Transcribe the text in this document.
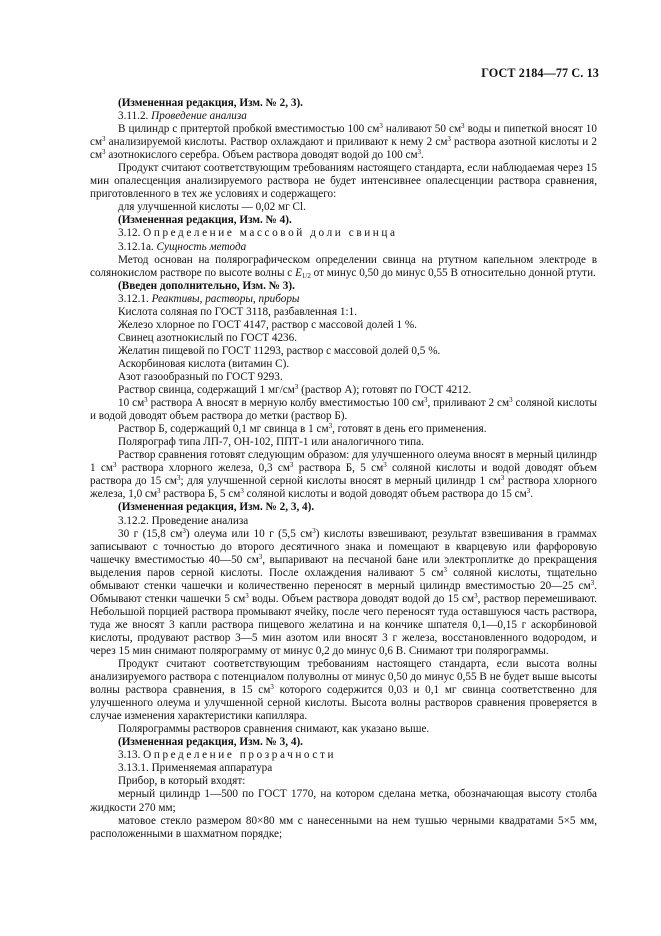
ГОСТ 2184—77 С. 13

(Измененная редакция, Изм. № 2, 3).

3.11.2. Проведение анализа

В цилиндр с притертой пробкой вместимостью 100 $см^3$ наливают 50 $см^3$ воды и пипеткой вносят 10 $см^3$ анализируемой кислоты. Раствор охлаждают и приливают к нему 2 $см^3$ раствора азотной кислоты и 2 $см^3$ азотнокислого серебра. Объем раствора доводят водой до 100 $см^3$.

Продукт считают соответствующим требованиям настоящего стандарта, если наблюдаемая через 15 мин опалесценция анализируемого раствора не будет интенсивнее опалесценции раствора сравнения, приготовленного в тех же условиях и содержащего:

для улучшенной кислоты — 0,02 мг Cl.

(Измененная редакция, Изм. № 4).

3.12. Определение массовой доли свинца

3.12.1а. Сущность метода

Метод основан на полярографическом определении свинца на ртутном капельном электроде в солянокислом растворе по высоте волны с $E_{1/2}$ от минус 0,50 до минус 0,55 В относительно донной ртути.

(Введен дополнительно, Изм. № 3).

3.12.1. Реактивы, растворы, приборы

Кислота соляная по ГОСТ 3118, разбавленная 1:1.

Железо хлорное по ГОСТ 4147, раствор с массовой долей 1 %.

Свинец азотнокислый по ГОСТ 4236.

Желатин пищевой по ГОСТ 11293, раствор с массовой долей 0,5 %.

Аскорбиновая кислота (витамин С).

Азот газообразный по ГОСТ 9293.

Раствор свинца, содержащий 1 $мг/см^3$ (раствор А); готовят по ГОСТ 4212.

10 $см^3$ раствора А вносят в мерную колбу вместимостью 100 $см^3$, приливают 2 $см^3$ соляной кислоты и водой доводят объем раствора до метки (раствор Б).

Раствор Б, содержащий 0,1 мг свинца в 1 $см^3$, готовят в день его применения.

Полярограф типа ЛП-7, ОН-102, ППТ-1 или аналогичного типа.

Раствор сравнения готовят следующим образом: для улучшенного олеума вносят в мерный цилиндр 1 $см^3$ раствора хлорного железа, 0,3 $см^3$ раствора Б, 5 $см^3$ соляной кислоты и водой доводят объем раствора до 15 $см^3$; для улучшенной серной кислоты вносят в мерный цилиндр 1 $см^3$ раствора хлорного железа, 1,0 $см^3$ раствора Б, 5 $см^3$ соляной кислоты и водой доводят объем раствора до 15 $см^3$.

(Измененная редакция, Изм. № 2, 3, 4).

3.12.2. Проведение анализа

30 г (15,8 $см^3$) олеума или 10 г (5,5 $см^3$) кислоты взвешивают, результат взвешивания в граммах записывают с точностью до второго десятичного знака и помещают в кварцевую или фарфоровую чашечку вместимостью 40—50 $см^3$, выпаривают на песчаной бане или электроплитке до прекращения выделения паров серной кислоты. После охлаждения наливают 5 $см^3$ соляной кислоты, тщательно обмывают стенки чашечки и количественно переносят в мерный цилиндр вместимостью 20—25 $см^3$. Обмывают стенки чашечки 5 $см^3$ воды. Объем раствора доводят водой до 15 $см^3$, раствор перемешивают. Небольшой порцией раствора промывают ячейку, после чего переносят туда оставшуюся часть раствора, туда же вносят 3 капли раствора пищевого желатина и на кончике шпателя 0,1—0,15 г аскорбиновой кислоты, продувают раствор 3—5 мин азотом или вносят 3 г железа, восстановленного водородом, и через 15 мин снимают полярограмму от минус 0,2 до минус 0,6 В. Снимают три полярограммы.

Продукт считают соответствующим требованиям настоящего стандарта, если высота волны анализируемого раствора с потенциалом полуволны от минус 0,50 до минус 0,55 В не будет выше высоты волны раствора сравнения, в 15 $см^3$ которого содержится 0,03 и 0,1 мг свинца соответственно для улучшенного олеума и улучшенной серной кислоты. Высота волны растворов сравнения проверяется в случае изменения характеристики капилляра.

Полярограммы растворов сравнения снимают, как указано выше.

(Измененная редакция, Изм. № 3, 4).

3.13. Определение прозрачности

3.13.1. Применяемая аппаратура

Прибор, в который входят:

мерный цилиндр 1—500 по ГОСТ 1770, на котором сделана метка, обозначающая высоту столба жидкости 270 мм;

матовое стекло размером 80×80 мм с нанесенными на нем тушью черными квадратами 5×5 мм, расположенными в шахматном порядке;
